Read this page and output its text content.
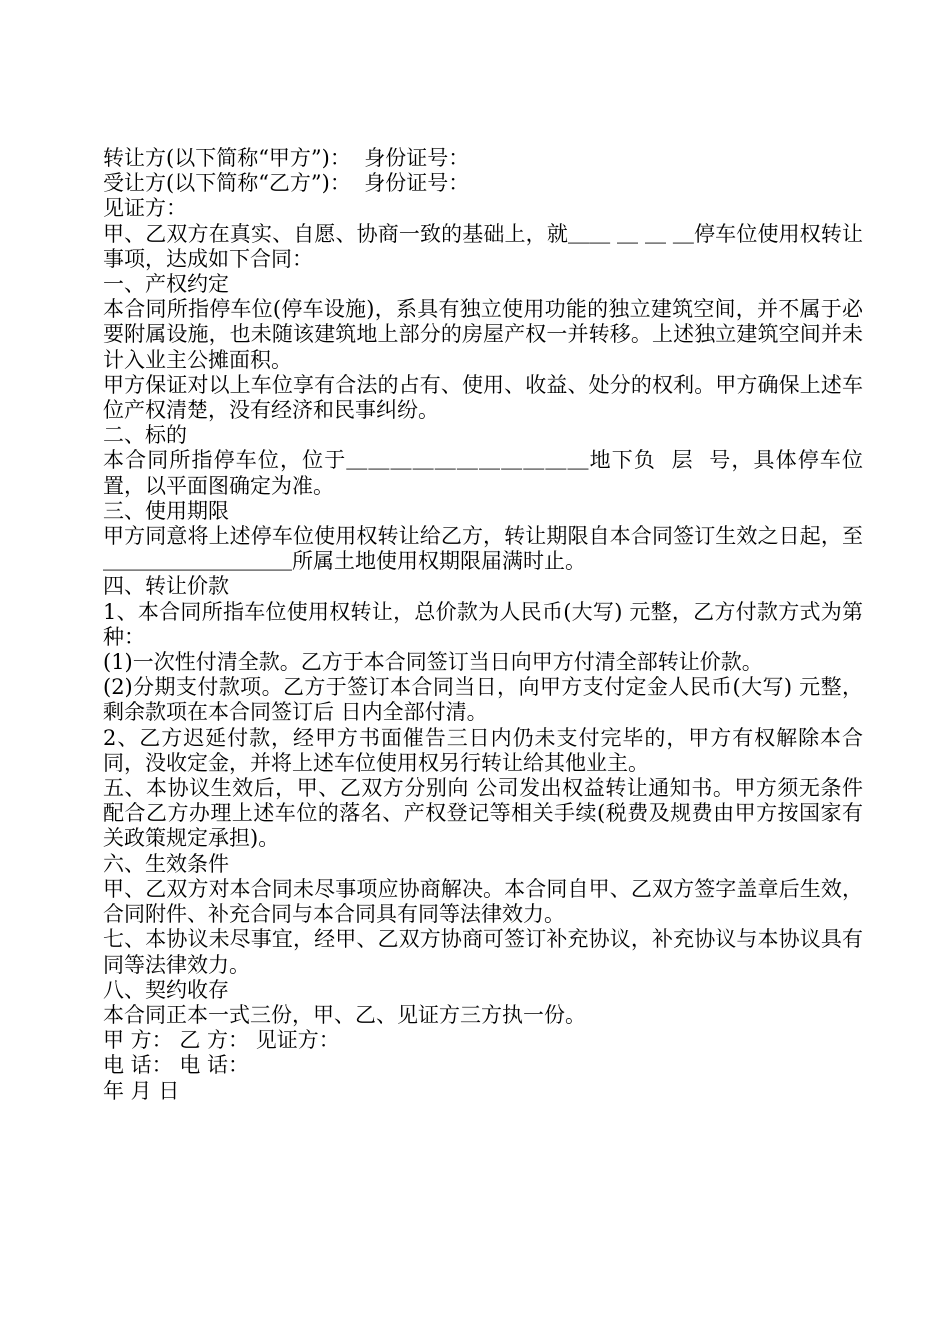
转让方(以下简称“甲方”)：  身份证号：

受让方(以下简称“乙方”)：  身份证号：

见证方：

甲、乙双方在真实、自愿、协商一致的基础上，就＿＿ ＿ ＿ ＿停车位使用权转让事项，达成如下合同：

一、产权约定

本合同所指停车位(停车设施)，系具有独立使用功能的独立建筑空间，并不属于必要附属设施，也未随该建筑地上部分的房屋产权一并转移。上述独立建筑空间并未计入业主公摊面积。

甲方保证对以上车位享有合法的占有、使用、收益、处分的权利。甲方确保上述车位产权清楚，没有经济和民事纠纷。

二、标的

本合同所指停车位，位于＿＿＿＿＿＿＿＿＿＿＿地下负  层  号，具体停车位置，以平面图确定为准。

三、使用期限

甲方同意将上述停车位使用权转让给乙方，转让期限自本合同签订生效之日起，至＿＿＿＿＿＿＿＿＿所属土地使用权期限届满时止。

四、转让价款

1、本合同所指车位使用权转让，总价款为人民币(大写) 元整，乙方付款方式为第 种：

(1)一次性付清全款。乙方于本合同签订当日向甲方付清全部转让价款。

(2)分期支付款项。乙方于签订本合同当日，向甲方支付定金人民币(大写) 元整，剩余款项在本合同签订后 日内全部付清。

2、乙方迟延付款，经甲方书面催告三日内仍未支付完毕的，甲方有权解除本合同，没收定金，并将上述车位使用权另行转让给其他业主。

五、本协议生效后，甲、乙双方分别向 公司发出权益转让通知书。甲方须无条件配合乙方办理上述车位的落名、产权登记等相关手续(税费及规费由甲方按国家有关政策规定承担)。

六、生效条件

甲、乙双方对本合同未尽事项应协商解决。本合同自甲、乙双方签字盖章后生效，合同附件、补充合同与本合同具有同等法律效力。

七、本协议未尽事宜，经甲、乙双方协商可签订补充协议，补充协议与本协议具有同等法律效力。

八、契约收存

本合同正本一式三份，甲、乙、见证方三方执一份。

甲 方： 乙 方： 见证方：

电 话： 电 话：

年 月 日
